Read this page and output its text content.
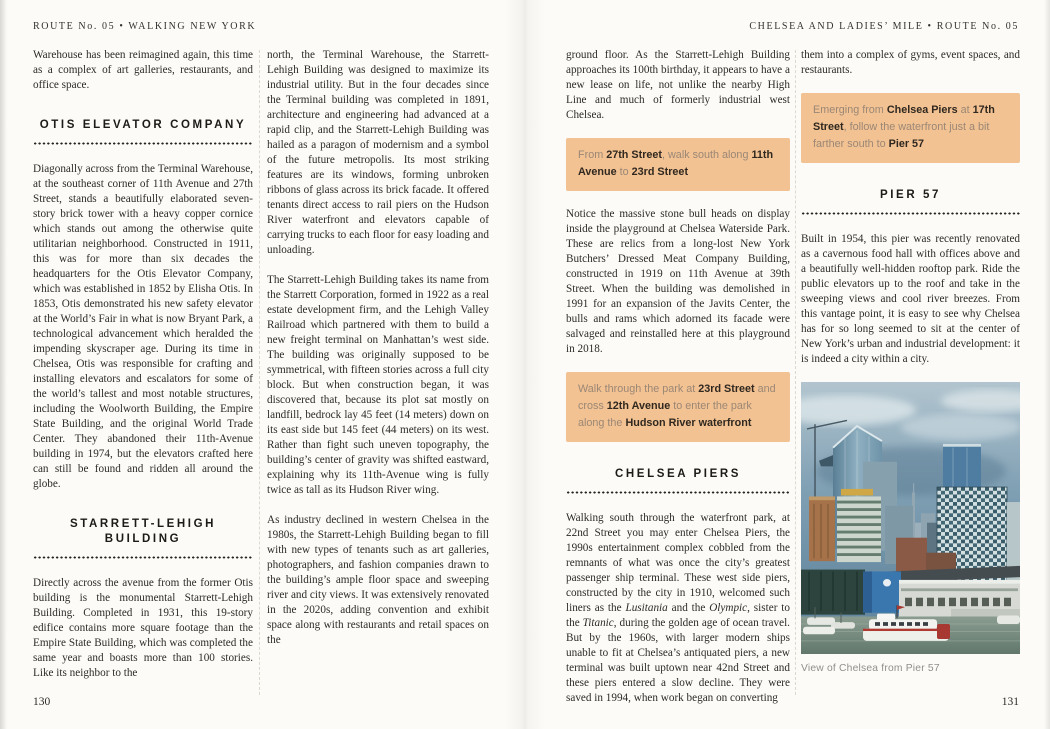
ROUTE No. 05 • WALKING NEW YORK	CHELSEA AND LADIES’ MILE • ROUTE No. 05

Warehouse has been reimagined again, this time as a complex of art galleries, restaurants, and office space.

OTIS ELEVATOR COMPANY

Diagonally across from the Terminal Warehouse, at the southeast corner of 11th Avenue and 27th Street, stands a beautifully elaborated seven-story brick tower with a heavy copper cornice which stands out among the otherwise quite utilitarian neighborhood. Constructed in 1911, this was for more than six decades the headquarters for the Otis Elevator Company, which was established in 1852 by Elisha Otis. In 1853, Otis demonstrated his new safety elevator at the World’s Fair in what is now Bryant Park, a technological advancement which heralded the impending skyscraper age. During its time in Chelsea, Otis was responsible for crafting and installing elevators and escalators for some of the world’s tallest and most notable structures, including the Woolworth Building, the Empire State Building, and the original World Trade Center. They abandoned their 11th-Avenue building in 1974, but the elevators crafted here can still be found and ridden all around the globe.

STARRETT-LEHIGH BUILDING

Directly across the avenue from the former Otis building is the monumental Starrett-Lehigh Building. Completed in 1931, this 19-story edifice contains more square footage than the Empire State Building, which was completed the same year and boasts more than 100 stories. Like its neighbor to the

north, the Terminal Warehouse, the Starrett-Lehigh Building was designed to maximize its industrial utility. But in the four decades since the Terminal building was completed in 1891, architecture and engineering had advanced at a rapid clip, and the Starrett-Lehigh Building was hailed as a paragon of modernism and a symbol of the future metropolis. Its most striking features are its windows, forming unbroken ribbons of glass across its brick facade. It offered tenants direct access to rail piers on the Hudson River waterfront and elevators capable of carrying trucks to each floor for easy loading and unloading.

The Starrett-Lehigh Building takes its name from the Starrett Corporation, formed in 1922 as a real estate development firm, and the Lehigh Valley Railroad which partnered with them to build a new freight terminal on Manhattan’s west side. The building was originally supposed to be symmetrical, with fifteen stories across a full city block. But when construction began, it was discovered that, because its plot sat mostly on landfill, bedrock lay 45 feet (14 meters) down on its east side but 145 feet (44 meters) on its west. Rather than fight such uneven topography, the building’s center of gravity was shifted eastward, explaining why its 11th-Avenue wing is fully twice as tall as its Hudson River wing.

As industry declined in western Chelsea in the 1980s, the Starrett-Lehigh Building began to fill with new types of tenants such as art galleries, photographers, and fashion companies drawn to the building’s ample floor space and sweeping river and city views. It was extensively renovated in the 2020s, adding convention and exhibit space along with restaurants and retail spaces on the

ground floor. As the Starrett-Lehigh Building approaches its 100th birthday, it appears to have a new lease on life, not unlike the nearby High Line and much of formerly industrial west Chelsea.

From 27th Street, walk south along 11th Avenue to 23rd Street

Notice the massive stone bull heads on display inside the playground at Chelsea Waterside Park. These are relics from a long-lost New York Butchers’ Dressed Meat Company Building, constructed in 1919 on 11th Avenue at 39th Street. When the building was demolished in 1991 for an expansion of the Javits Center, the bulls and rams which adorned its facade were salvaged and reinstalled here at this playground in 2018.

Walk through the park at 23rd Street and cross 12th Avenue to enter the park along the Hudson River waterfront
CHELSEA PIERS

Walking south through the waterfront park, at 22nd Street you may enter Chelsea Piers, the 1990s entertainment complex cobbled from the remnants of what was once the city’s greatest passenger ship terminal. These west side piers, constructed by the city in 1910, welcomed such liners as the Lusitania and the Olympic, sister to the Titanic, during the golden age of ocean travel. But by the 1960s, with larger modern ships unable to fit at Chelsea’s antiquated piers, a new terminal was built uptown near 42nd Street and these piers entered a slow decline. They were saved in 1994, when work began on converting

them into a complex of gyms, event spaces, and restaurants.

Emerging from Chelsea Piers at 17th Street, follow the waterfront just a bit farther south to Pier 57
PIER 57

Built in 1954, this pier was recently renovated as a cavernous food hall with offices above and a beautifully well-hidden rooftop park. Ride the public elevators up to the roof and take in the sweeping views and cool river breezes. From this vantage point, it is easy to see why Chelsea has for so long seemed to sit at the center of New York’s urban and industrial development: it is indeed a city within a city.

View of Chelsea from Pier 57
130	131
